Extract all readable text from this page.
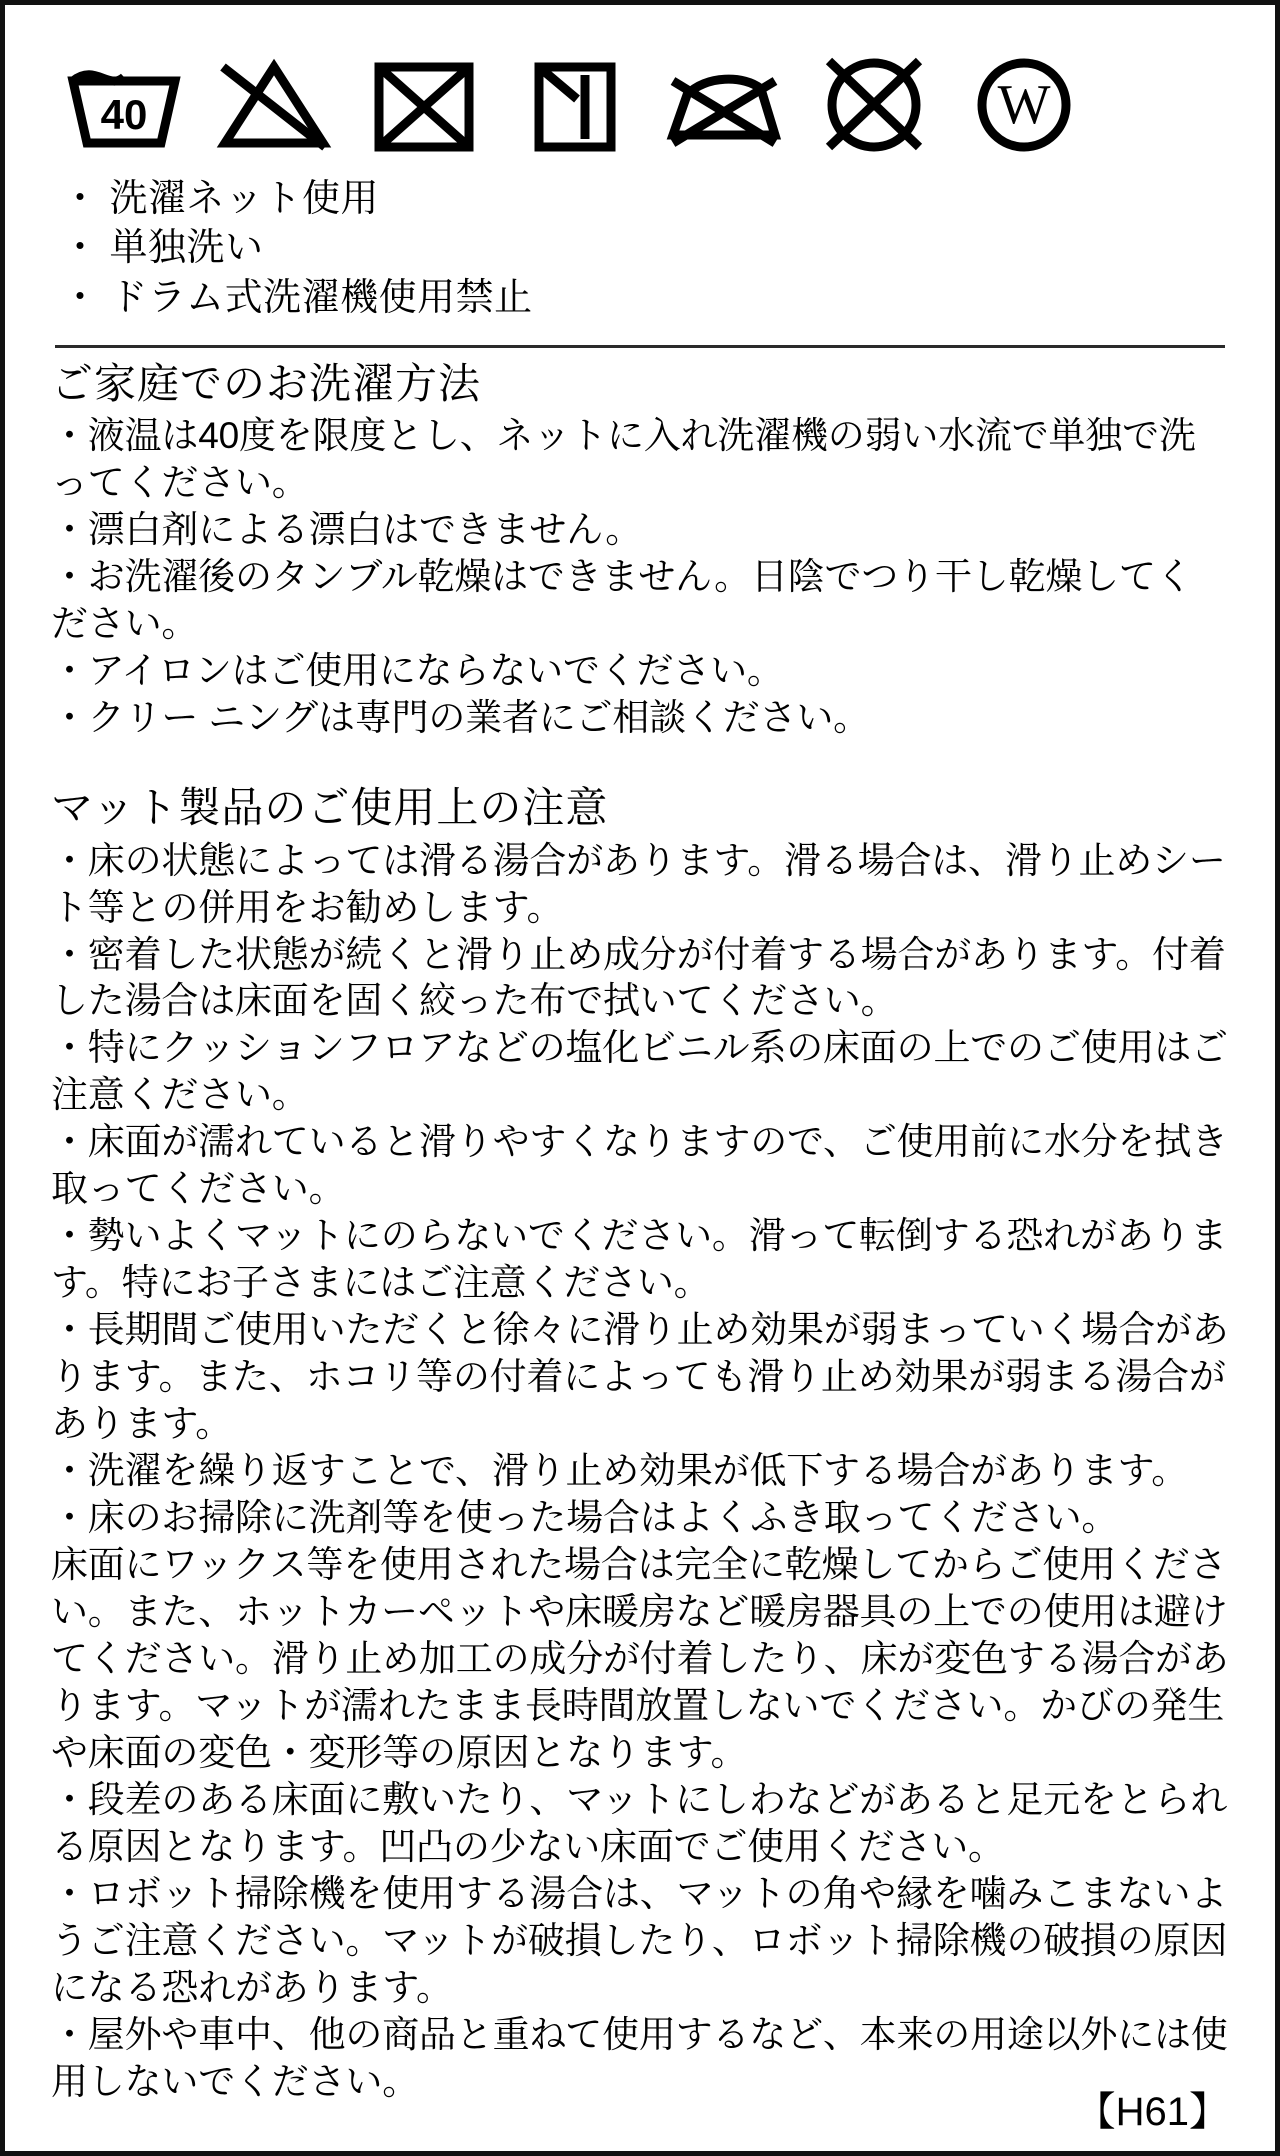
40	W
・ 洗濯ネット使用
・ 単独洗い
・ ドラム式洗濯機使用禁止
ご家庭でのお洗濯方法

・液温は40度を限度とし、ネットに入れ洗濯機の弱い水流で単独で洗ってください。

・漂白剤による漂白はできません。

・お洗濯後のタンブル乾燥はできません。日陰でつり干し乾燥してください。

・アイロンはご使用にならないでください。

・クリー ニングは専門の業者にご相談ください。

マット製品のご使用上の注意

・床の状態によっては滑る湯合があります。滑る場合は、滑り止めシート等との併用をお勧めします。

・密着した状態が続くと滑り止め成分が付着する場合があります。付着した湯合は床面を固く絞った布で拭いてください。

・特にクッションフロアなどの塩化ビニル系の床面の上でのご使用はご注意ください。

・床面が濡れていると滑りやすくなりますので、ご使用前に水分を拭き取ってください。

・勢いよくマットにのらないでください。滑って転倒する恐れがあります。特にお子さまにはご注意ください。

・長期間ご使用いただくと徐々に滑り止め効果が弱まっていく場合があります。また、ホコリ等の付着によっても滑り止め効果が弱まる湯合があります。

・洗濯を繰り返すことで、滑り止め効果が低下する場合があります。

・床のお掃除に洗剤等を使った場合はよくふき取ってください。

床面にワックス等を使用された場合は完全に乾燥してからご使用ください。また、ホットカーペットや床暖房など暖房器具の上での使用は避けてください。滑り止め加工の成分が付着したり、床が変色する湯合があります。マットが濡れたまま長時間放置しないでください。かびの発生や床面の変色・変形等の原因となります。

・段差のある床面に敷いたり、マットにしわなどがあると足元をとられる原因となります。凹凸の少ない床面でご使用ください。

・ロボット掃除機を使用する湯合は、マットの角や縁を噛みこまないようご注意ください。マットが破損したり、ロボット掃除機の破損の原因になる恐れがあります。

・屋外や車中、他の商品と重ねて使用するなど、本来の用途以外には使用しないでください。

【H61】
